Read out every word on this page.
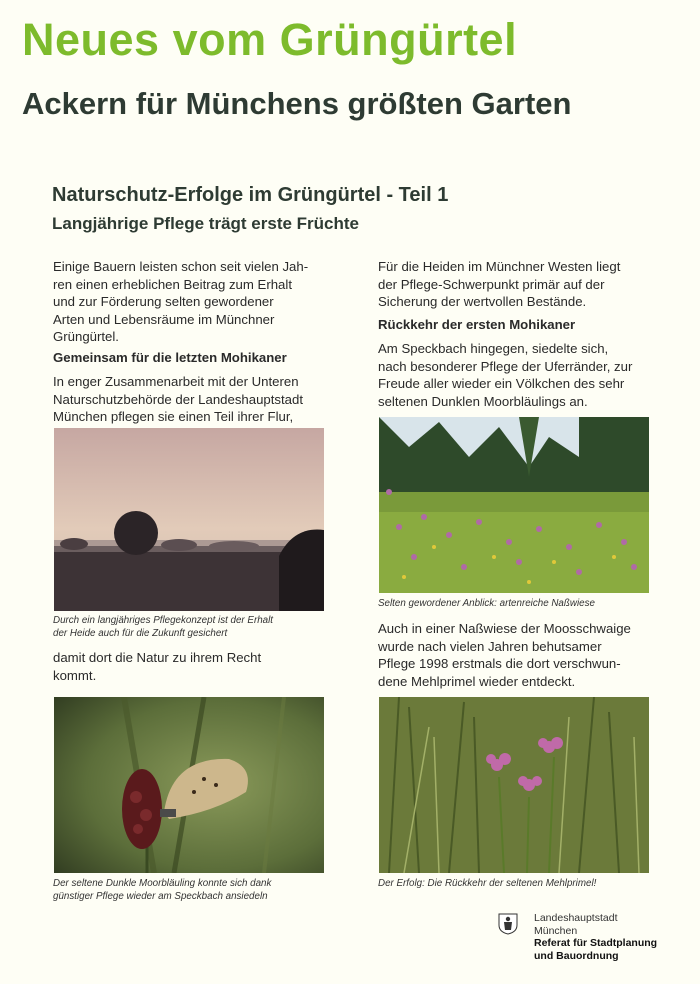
Neues vom Grüngürtel
Ackern für Münchens größten Garten
Naturschutz-Erfolge im Grüngürtel - Teil 1
Langjährige Pflege trägt erste Früchte
Einige Bauern leisten schon seit vielen Jah-
ren einen erheblichen Beitrag zum Erhalt
und zur Förderung selten gewordener
Arten und Lebensräume im Münchner
Grüngürtel.
Gemeinsam für die letzten Mohikaner
In enger Zusammenarbeit mit der Unteren
Naturschutzbehörde der Landeshauptstadt
München pflegen sie einen Teil ihrer Flur,
Durch ein langjähriges Pflegekonzept ist der Erhalt
der Heide auch für die Zukunft gesichert
damit dort die Natur zu ihrem Recht
kommt.
Der seltene Dunkle Moorbläuling konnte sich dank
günstiger Pflege wieder am Speckbach ansiedeln
Für die Heiden im Münchner Westen liegt
der Pflege-Schwerpunkt primär auf der
Sicherung der wertvollen Bestände.
Rückkehr der ersten Mohikaner
Am Speckbach hingegen, siedelte sich,
nach besonderer Pflege der Uferränder, zur
Freude aller wieder ein Völkchen des sehr
seltenen Dunklen Moorbläulings an.
Selten gewordener Anblick: artenreiche Naßwiese
Auch in einer Naßwiese der Moosschwaige
wurde nach vielen Jahren behutsamer
Pflege 1998 erstmals die dort verschwun-
dene Mehlprimel wieder entdeckt.
Der Erfolg: Die Rückkehr der seltenen Mehlprimel!
Landeshauptstadt
München
Referat für Stadtplanung
und Bauordnung
